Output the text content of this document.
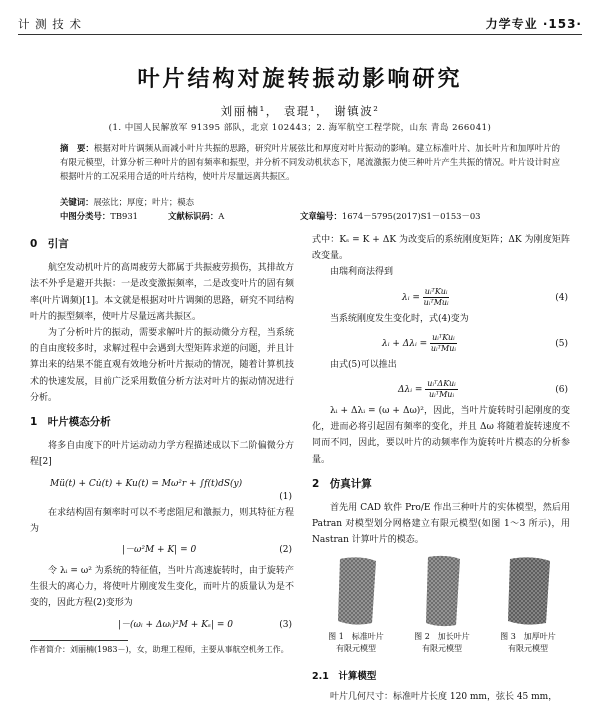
计 测 技 术	力学专业 ·153·
叶片结构对旋转振动影响研究
刘丽楠¹， 袁琨¹， 谢镇波²
(1. 中国人民解放军 91395 部队，北京 102443；2. 海军航空工程学院，山东 青岛 266041)
摘　要：根据对叶片调频从而减小叶片共振的思路，研究叶片展弦比和厚度对叶片振动的影响。建立标准叶片、加长叶片和加厚叶片的有限元模型，计算分析三种叶片的固有频率和振型，并分析不同发动机状态下，尾流激振力使三种叶片产生共振的情况。叶片设计时应根据叶片的工况采用合适的叶片结构，使叶片尽量远离共振区。
关键词：展弦比；厚度；叶片；模态
中图分类号：TB931	文献标识码：A	文章编号：1674－5795(2017)S1－0153－03
0　引言

航空发动机叶片的高周疲劳大都属于共振疲劳损伤，其排故方法不外乎是避开共振：一是改变激振频率，二是改变叶片的固有频率(叶片调频)[1]。本文就是根据对叶片调频的思路，研究不同结构叶片的振型频率，使叶片尽量远离共振区。

为了分析叶片的振动，需要求解叶片的振动微分方程，当系统的自由度较多时，求解过程中会遇到大型矩阵求逆的问题，并且计算出来的结果不能直观有效地分析叶片振动的情况，随着计算机技术的快速发展，目前广泛采用数值分析方法对叶片的振动情况进行分析。

1　叶片模态分析

将多自由度下的叶片运动动力学方程描述成以下二阶偏微分方程[2]

Mü(t) + Cu̇(t) + Ku(t) = Mω²r + ∫f(t)dS(y)
(1)

在求结构固有频率时可以不考虑阻尼和激振力，则其特征方程为

|－ω²M + K| = 0	(2)

令 λᵢ = ω² 为系统的特征值，当叶片高速旋转时，由于旋转产生很大的离心力，将使叶片刚度发生变化，而叶片的质量认为是不变的，因此方程(2)变形为

|－(ωᵢ + Δωᵢ)²M + Kₛ| = 0	(3)
作者简介：刘丽楠(1983－)，女，助理工程师，主要从事航空机务工作。

式中：Kₛ = K + ΔK 为改变后的系统刚度矩阵；ΔK 为刚度矩阵改变量。

由瑞利商法得到

λᵢ = $\frac{\text{uᵢᵀKuᵢ}}{\text{uᵢᵀMuᵢ}}$	(4)

当系统刚度发生变化时，式(4)变为

λᵢ + Δλᵢ = $\frac{\text{uᵢᵀKuᵢ}}{\text{uᵢᵀMuᵢ}}$	(5)

由式(5)可以推出

Δλᵢ = $\frac{\text{uᵢᵀΔKuᵢ}}{\text{uᵢᵀMuᵢ}}$	(6)

λᵢ + Δλᵢ = (ω + Δω)²，因此，当叶片旋转时引起刚度的变化，进而必将引起固有频率的变化，并且 Δω 将随着旋转速度不同而不同，因此，要以叶片的动频率作为旋转叶片模态的分析参量。

2　仿真计算

首先用 CAD 软件 Pro/E 作出三种叶片的实体模型，然后用 Patran 对模型划分网格建立有限元模型(如图 1～3 所示)，用 Nastran 计算叶片的模态。

图 1　标准叶片
有限元模型
图 2　加长叶片
有限元模型
图 3　加厚叶片
有限元模型
2.1　计算模型

叶片几何尺寸：标准叶片长度 120 mm，弦长 45 mm，
